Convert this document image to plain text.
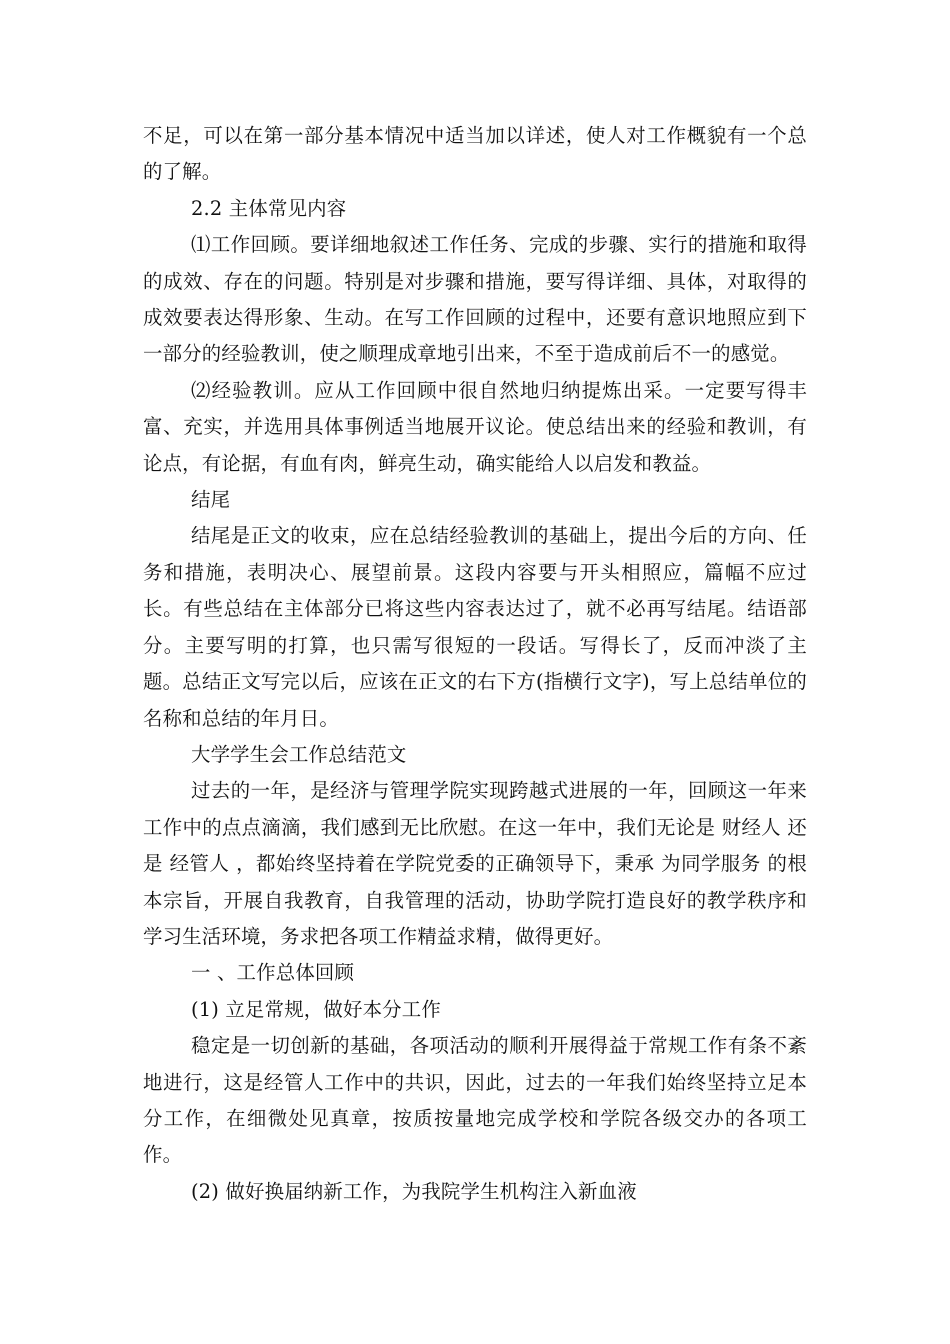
不足，可以在第一部分基本情况中适当加以详述，使人对工作概貌有一个总的了解。

2.2 主体常见内容

⑴工作回顾。要详细地叙述工作任务、完成的步骤、实行的措施和取得的成效、存在的问题。特别是对步骤和措施，要写得详细、具体，对取得的成效要表达得形象、生动。在写工作回顾的过程中，还要有意识地照应到下一部分的经验教训，使之顺理成章地引出来，不至于造成前后不一的感觉。

⑵经验教训。应从工作回顾中很自然地归纳提炼出采。一定要写得丰富、充实，并选用具体事例适当地展开议论。使总结出来的经验和教训，有论点，有论据，有血有肉，鲜亮生动，确实能给人以启发和教益。

结尾

结尾是正文的收束，应在总结经验教训的基础上，提出今后的方向、任务和措施，表明决心、展望前景。这段内容要与开头相照应，篇幅不应过长。有些总结在主体部分已将这些内容表达过了，就不必再写结尾。结语部分。主要写明的打算，也只需写很短的一段话。写得长了，反而冲淡了主题。总结正文写完以后，应该在正文的右下方(指横行文字)，写上总结单位的名称和总结的年月日。

大学学生会工作总结范文

过去的一年，是经济与管理学院实现跨越式进展的一年，回顾这一年来工作中的点点滴滴，我们感到无比欣慰。在这一年中，我们无论是 财经人 还是 经管人 ，都始终坚持着在学院党委的正确领导下，秉承 为同学服务 的根本宗旨，开展自我教育，自我管理的活动，协助学院打造良好的教学秩序和学习生活环境，务求把各项工作精益求精，做得更好。

一 、工作总体回顾

(1) 立足常规，做好本分工作

稳定是一切创新的基础，各项活动的顺利开展得益于常规工作有条不紊地进行，这是经管人工作中的共识，因此，过去的一年我们始终坚持立足本分工作，在细微处见真章，按质按量地完成学校和学院各级交办的各项工作。

(2) 做好换届纳新工作，为我院学生机构注入新血液
